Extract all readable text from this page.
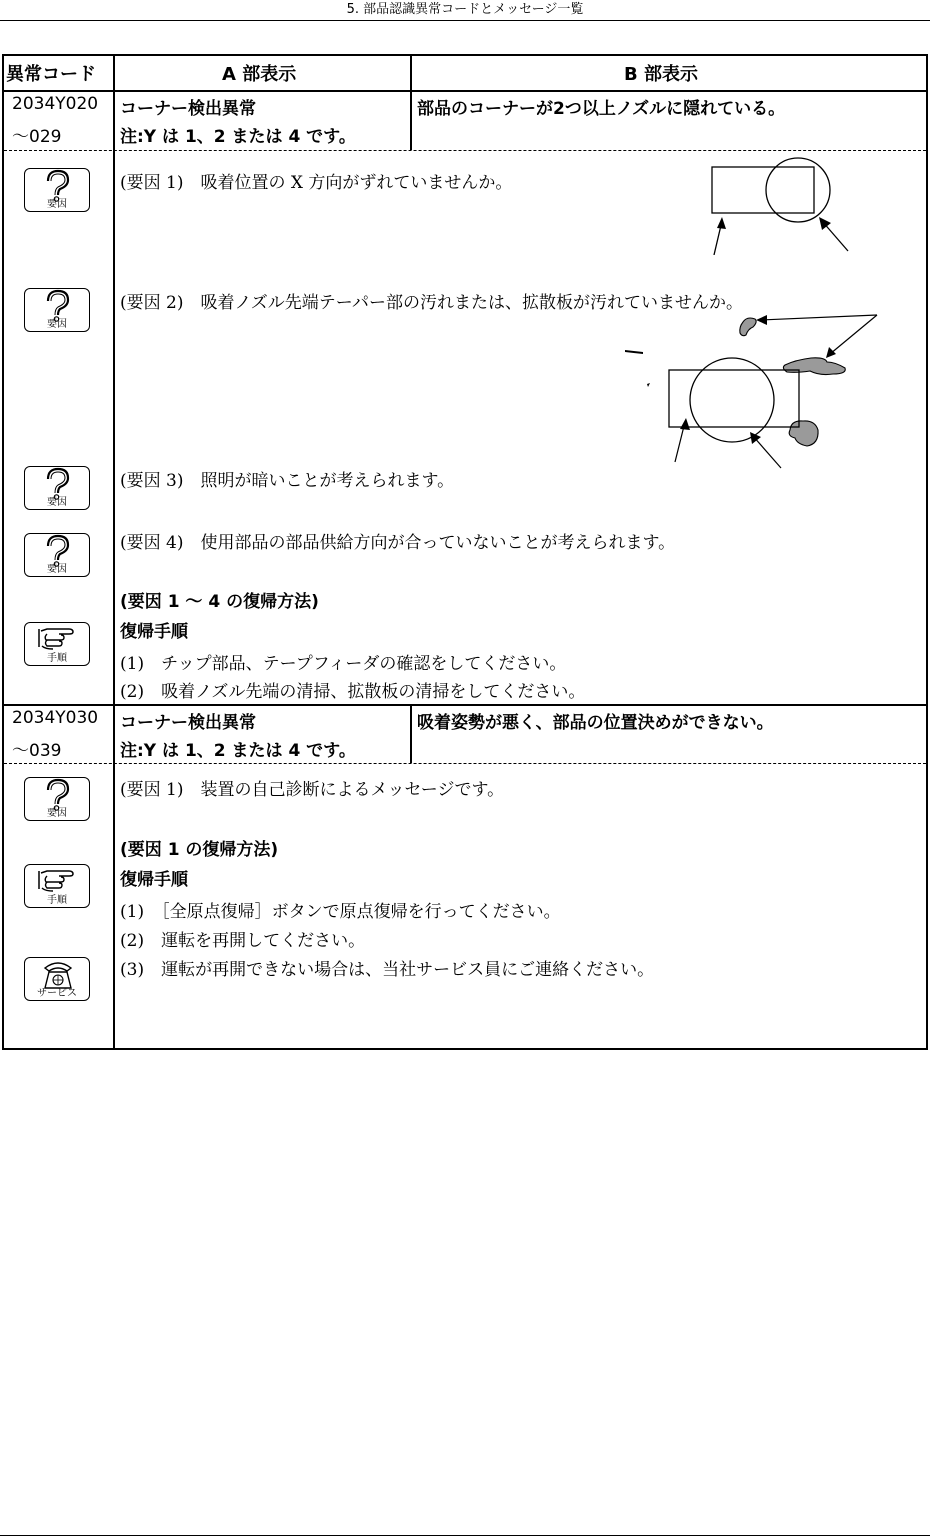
5. 部品認識異常コードとメッセージ一覧
異常コード	A 部表示	B 部表示
2034Y020
～029
コーナー検出異常
注:Y は 1、2 または 4 です。
部品のコーナーが2つ以上ノズルに隠れている。
(要因 1)　吸着位置の X 方向がずれていませんか。
(要因 2)　吸着ノズル先端テーパー部の汚れまたは、拡散板が汚れていませんか。
(要因 3)　照明が暗いことが考えられます。
(要因 4)　使用部品の部品供給方向が合っていないことが考えられます。
(要因 1 ～ 4 の復帰方法)
復帰手順
(1)　チップ部品、テープフィーダの確認をしてください。
(2)　吸着ノズル先端の清掃、拡散板の清掃をしてください。
要因
要因
要因
要因
手順
2034Y030
～039
コーナー検出異常
注:Y は 1、2 または 4 です。
吸着姿勢が悪く、部品の位置決めができない。
(要因 1)　装置の自己診断によるメッセージです。
(要因 1 の復帰方法)
復帰手順
(1)　［全原点復帰］ボタンで原点復帰を行ってください。
(2)　運転を再開してください。
(3)　運転が再開できない場合は、当社サービス員にご連絡ください。
要因
手順
サービス
